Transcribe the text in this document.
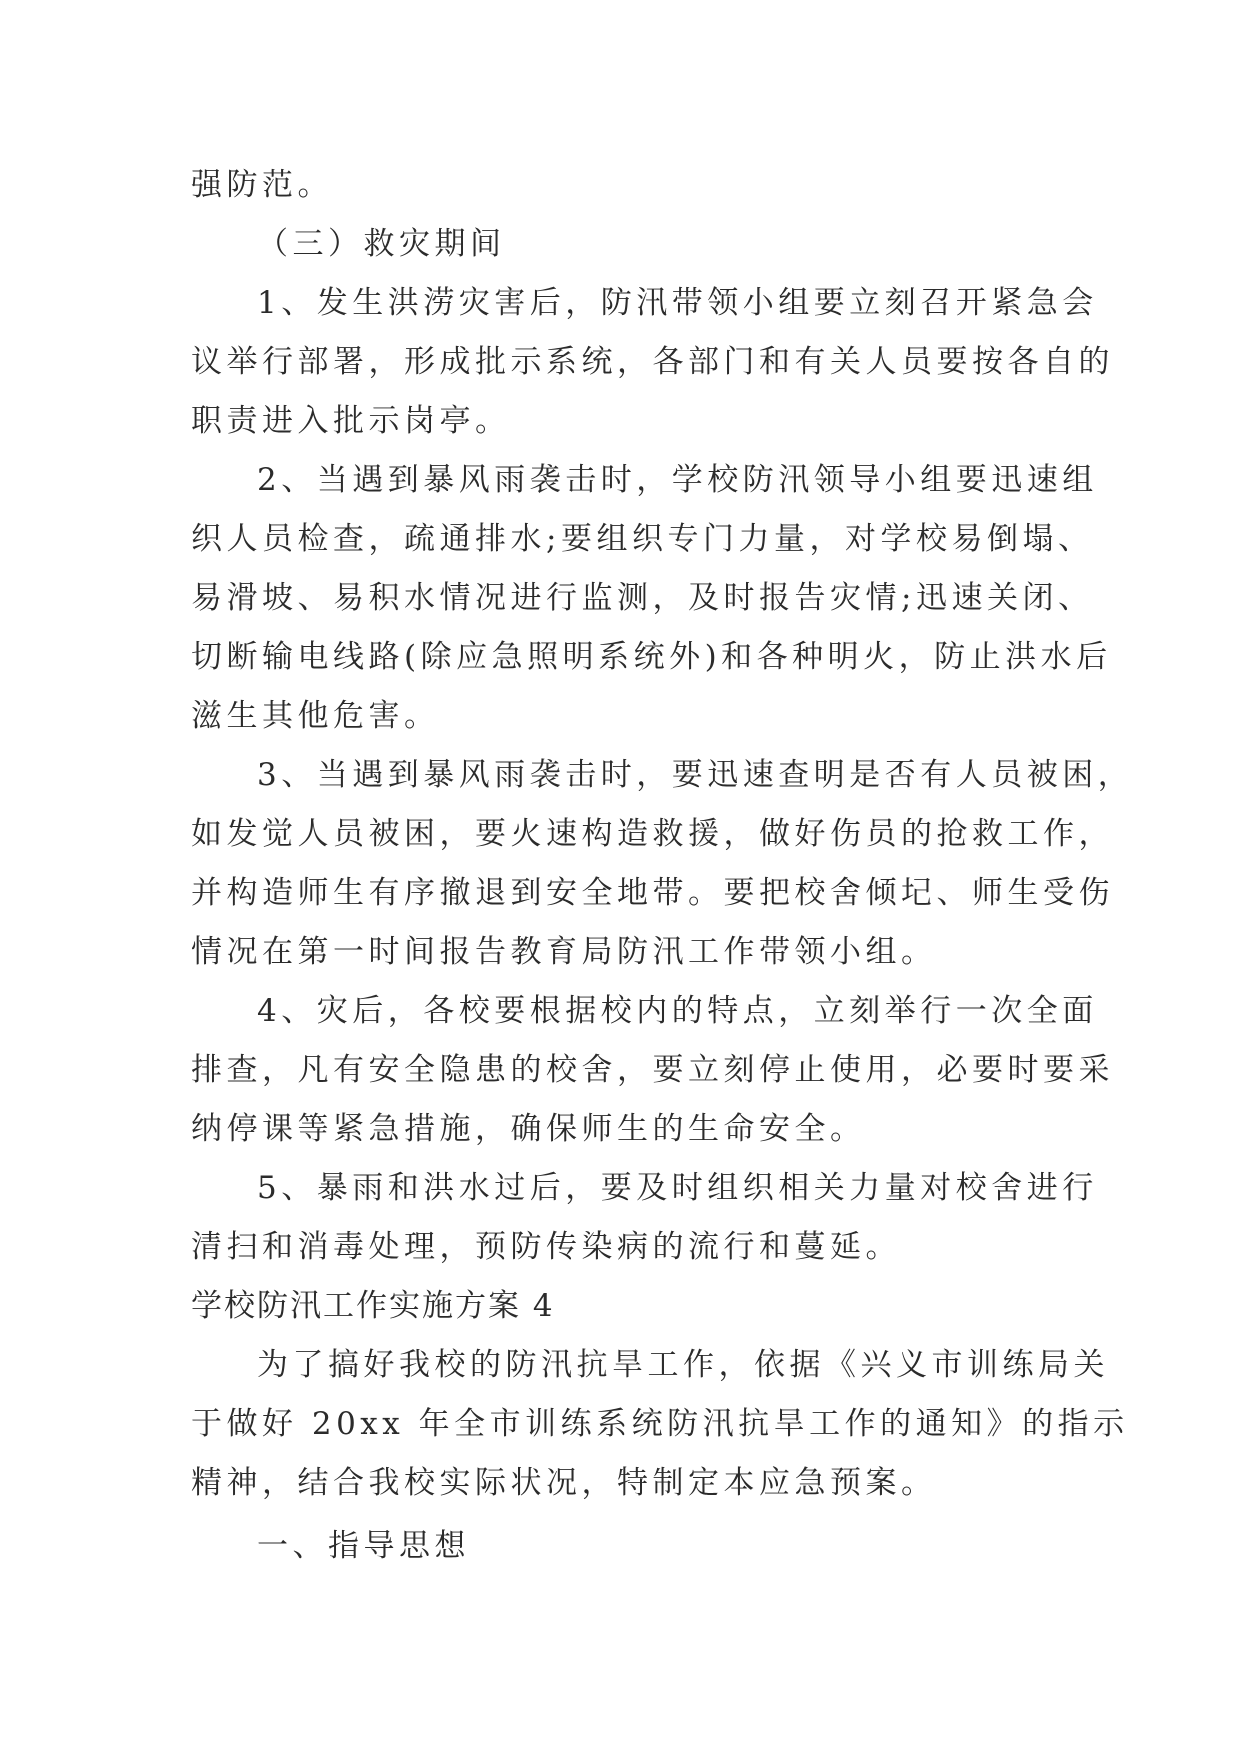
强防范。
（三）救灾期间
1、发生洪涝灾害后，防汛带领小组要立刻召开紧急会
议举行部署，形成批示系统，各部门和有关人员要按各自的
职责进入批示岗亭。
2、当遇到暴风雨袭击时，学校防汛领导小组要迅速组
织人员检查，疏通排水;要组织专门力量，对学校易倒塌、
易滑坡、易积水情况进行监测，及时报告灾情;迅速关闭、
切断输电线路(除应急照明系统外)和各种明火，防止洪水后
滋生其他危害。
3、当遇到暴风雨袭击时，要迅速查明是否有人员被困，
如发觉人员被困，要火速构造救援，做好伤员的抢救工作，
并构造师生有序撤退到安全地带。要把校舍倾圮、师生受伤
情况在第一时间报告教育局防汛工作带领小组。
4、灾后，各校要根据校内的特点，立刻举行一次全面
排查，凡有安全隐患的校舍，要立刻停止使用，必要时要采
纳停课等紧急措施，确保师生的生命安全。
5、暴雨和洪水过后，要及时组织相关力量对校舍进行
清扫和消毒处理，预防传染病的流行和蔓延。
学校防汛工作实施方案 4
为了搞好我校的防汛抗旱工作，依据《兴义市训练局关
于做好 20xx 年全市训练系统防汛抗旱工作的通知》的指示
精神，结合我校实际状况，特制定本应急预案。
一、指导思想
